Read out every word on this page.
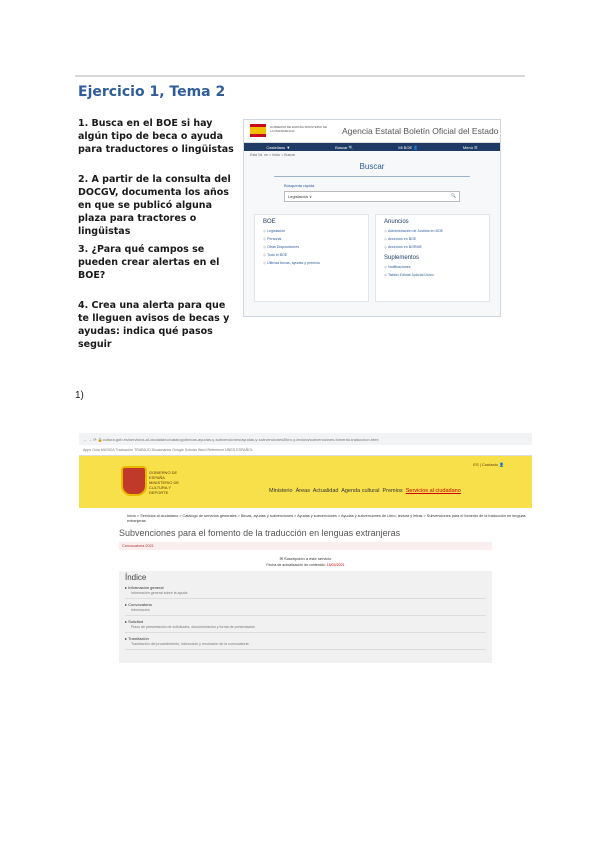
Ejercicio 1, Tema 2
1. Busca en el BOE si hay algún tipo de beca o ayuda para traductores o lingüistas
2. A partir de la consulta del DOCGV, documenta los años en que se publicó alguna plaza para tractores o lingüistas
3. ¿Para qué campos se pueden crear alertas en el BOE?
4. Crea una alerta para que te lleguen avisos de becas y ayudas: indica qué pasos seguir
GOBIERNO DE ESPAÑA MINISTERIO DE LA PRESIDENCIA	Agencia Estatal Boletín Oficial del Estado
Castellano ▼	Buscar 🔍	Mi BOE 👤	Menú ☰
Está Vd. en > Inicio > Buscar
Buscar
Búsqueda rápida
Legislación ∨	🔍
BOE
◎ Legislación
◎ Personal
◎ Otras Disposiciones
◎ Todo el BOE
◎ Últimas becas, ayudas y premios
Anuncios
◎ Administración de Justicia en BOE
◎ Anuncios en BOE
◎ Anuncios en BORME
Suplementos
◎ Notificaciones
◎ Tablón Edictal Judicial Único
1)
← → ⟳ 🔒 cultura.gob.es/servicios-al-ciudadano/catalogo/becas-ayudas-y-subvenciones/ayudas-y-subvenciones/libro-y-lectura/subvenciones-fomento-traduccion.html
Apps Guia MUSICA Traducción TRABAJO Diccionarios Google Scholar Word Reference UNED ESPAÑOL
GOBIERNO DE ESPAÑA MINISTERIO DE CULTURA Y DEPORTE
ES | Contacto 👤
Ministerio Áreas Actualidad Agenda cultural Premios Servicios al ciudadano
Inicio > Servicios al ciudadano > Catálogo de servicios generales > Becas, ayudas y subvenciones > Ayudas y subvenciones > Ayudas y subvenciones de Libro, lectura y letras > Subvenciones para el fomento de la traducción en lenguas extranjeras
Subvenciones para el fomento de la traducción en lenguas extranjeras
Convocatoria 2021
✉ Suscripción a este servicio
Fecha de actualización de contenido: 15/03/2021
Índice
▸ Información general
Información general sobre la ayuda
▸ Convocatoria
Información
▸ Solicitud
Plazo de presentación de solicitudes, documentación y forma de presentación
▸ Tramitación
Tramitación del procedimiento, instrucción y resolución de la convocatoria
